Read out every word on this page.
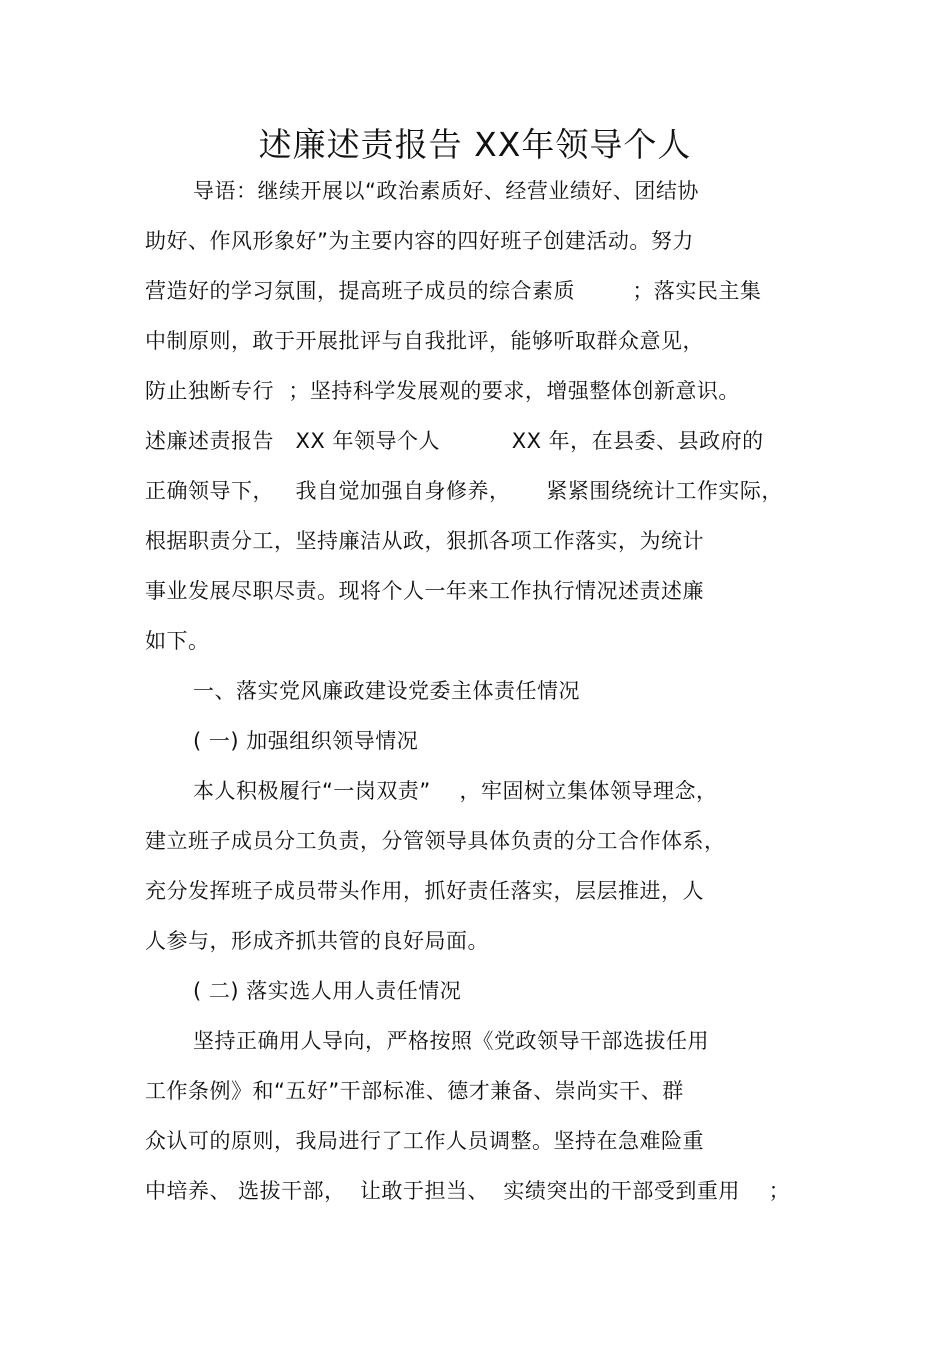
述廉述责报告 XX年领导个人
导语：继续开展以“政治素质好、经营业绩好、团结协
助好、作风形象好”为主要内容的四好班子创建活动。努力
营造好的学习氛围，提高班子成员的综合素质        ；落实民主集
中制原则，敢于开展批评与自我批评，能够听取群众意见，
防止独断专行  ；坚持科学发展观的要求，增强整体创新意识。
述廉述责报告   XX 年领导个人          XX 年，在县委、县政府的
正确领导下，   我自觉加强自身修养，     紧紧围绕统计工作实际，
根据职责分工，坚持廉洁从政，狠抓各项工作落实，为统计
事业发展尽职尽责。现将个人一年来工作执行情况述责述廉
如下。
一、落实党风廉政建设党委主体责任情况
( 一) 加强组织领导情况
本人积极履行“一岗双责”    ，牢固树立集体领导理念，
建立班子成员分工负责，分管领导具体负责的分工合作体系，
充分发挥班子成员带头作用，抓好责任落实，层层推进，人
人参与，形成齐抓共管的良好局面。
( 二) 落实选人用人责任情况
坚持正确用人导向，严格按照《党政领导干部选拔任用
工作条例》和“五好”干部标准、德才兼备、崇尚实干、群
众认可的原则，我局进行了工作人员调整。坚持在急难险重
中培养、 选拔干部，  让敢于担当、  实绩突出的干部受到重用    ；
